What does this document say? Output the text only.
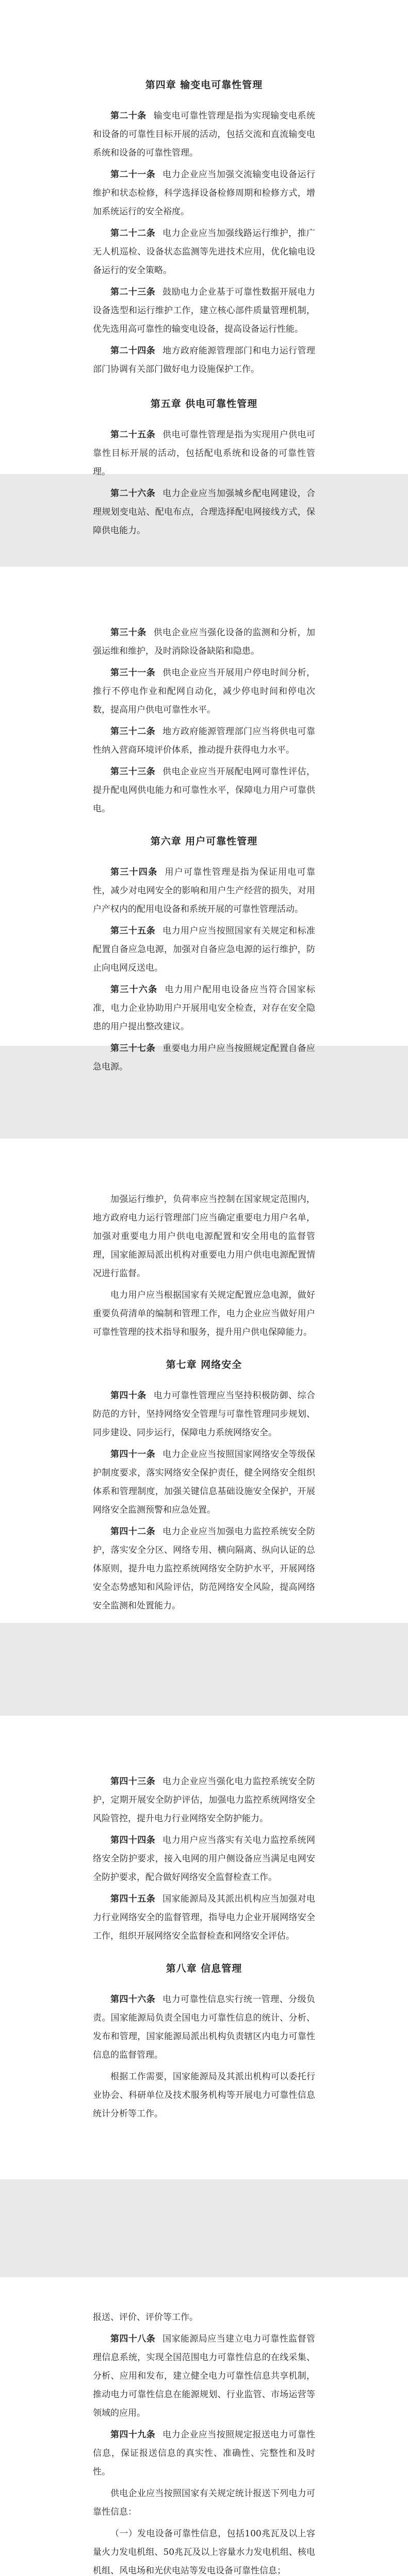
第四章 输变电可靠性管理

第二十条 输变电可靠性管理是指为实现输变电系统和设备的可靠性目标开展的活动，包括交流和直流输变电系统和设备的可靠性管理。

第二十一条 电力企业应当加强交流输变电设备运行维护和状态检修，科学选择设备检修周期和检修方式，增加系统运行的安全裕度。

第二十二条 电力企业应当加强线路运行维护，推广无人机巡检、设备状态监测等先进技术应用，优化输电设备运行的安全策略。

第二十三条 鼓励电力企业基于可靠性数据开展电力设备选型和运行维护工作，建立核心部件质量管理机制，优先选用高可靠性的输变电设备，提高设备运行性能。

第二十四条 地方政府能源管理部门和电力运行管理部门协调有关部门做好电力设施保护工作。

第五章 供电可靠性管理

第二十五条 供电可靠性管理是指为实现用户供电可靠性目标开展的活动，包括配电系统和设备的可靠性管理。

第二十六条 电力企业应当加强城乡配电网建设，合理规划变电站、配电布点，合理选择配电网接线方式，保障供电能力。

第三十条 供电企业应当强化设备的监测和分析，加强运维和维护，及时消除设备缺陷和隐患。

第三十一条 供电企业应当开展用户停电时间分析，推行不停电作业和配网自动化，减少停电时间和停电次数，提高用户供电可靠性水平。

第三十二条 地方政府能源管理部门应当将供电可靠性纳入营商环境评价体系，推动提升获得电力水平。

第三十三条 供电企业应当开展配电网可靠性评估，提升配电网供电能力和可靠性水平，保障电力用户可靠供电。

第六章 用户可靠性管理

第三十四条 用户可靠性管理是指为保证用电可靠性，减少对电网安全的影响和用户生产经营的损失，对用户产权内的配用电设备和系统开展的可靠性管理活动。

第三十五条 电力用户应当按照国家有关规定和标准配置自备应急电源，加强对自备应急电源的运行维护，防止向电网反送电。

第三十六条 电力用户配用电设备应当符合国家标准，电力企业协助用户开展用电安全检查，对存在安全隐患的用户提出整改建议。

第三十七条 重要电力用户应当按照规定配置自备应急电源。

加强运行维护，负荷率应当控制在国家规定范围内，地方政府电力运行管理部门应当确定重要电力用户名单，加强对重要电力用户供电电源配置和安全用电的监督管理，国家能源局派出机构对重要电力用户供电电源配置情况进行监督。

电力用户应当根据国家有关规定配置应急电源，做好重要负荷清单的编制和管理工作，电力企业应当做好用户可靠性管理的技术指导和服务，提升用户供电保障能力。

第七章 网络安全

第四十条 电力可靠性管理应当坚持积极防御、综合防范的方针，坚持网络安全管理与可靠性管理同步规划、同步建设、同步运行，保障电力系统网络安全。

第四十一条 电力企业应当按照国家网络安全等级保护制度要求，落实网络安全保护责任，健全网络安全组织体系和管理制度，加强关键信息基础设施安全保护，开展网络安全监测预警和应急处置。

第四十二条 电力企业应当加强电力监控系统安全防护，落实安全分区、网络专用、横向隔离、纵向认证的总体原则，提升电力监控系统网络安全防护水平，开展网络安全态势感知和风险评估，防范网络安全风险，提高网络安全监测和处置能力。

第四十三条 电力企业应当强化电力监控系统安全防护，定期开展安全防护评估，加强电力监控系统网络安全风险管控，提升电力行业网络安全防护能力。

第四十四条 电力用户应当落实有关电力监控系统网络安全防护要求，接入电网的用户侧设备应当满足电网安全防护要求，配合做好网络安全监督检查工作。

第四十五条 国家能源局及其派出机构应当加强对电力行业网络安全的监督管理，指导电力企业开展网络安全工作，组织开展网络安全监督检查和网络安全评估。

第八章 信息管理

第四十六条 电力可靠性信息实行统一管理、分级负责。国家能源局负责全国电力可靠性信息的统计、分析、发布和管理，国家能源局派出机构负责辖区内电力可靠性信息的监督管理。

根据工作需要，国家能源局及其派出机构可以委托行业协会、科研单位及技术服务机构等开展电力可靠性信息统计分析等工作。

报送、评价、评价等工作。

第四十八条 国家能源局应当建立电力可靠性监督管理信息系统，实现全国范围电力可靠性信息的在线采集、分析、应用和发布，建立健全电力可靠性信息共享机制，推动电力可靠性信息在能源规划、行业监管、市场运营等领域的应用。

第四十九条 电力企业应当按照规定报送电力可靠性信息，保证报送信息的真实性、准确性、完整性和及时性。

供电企业应当按照国家有关规定统计报送下列电力可靠性信息：

（一）发电设备可靠性信息，包括100兆瓦及以上容量火力发电机组、50兆瓦及以上容量水力发电机组、核电机组、风电场和光伏电站等发电设备可靠性信息；
